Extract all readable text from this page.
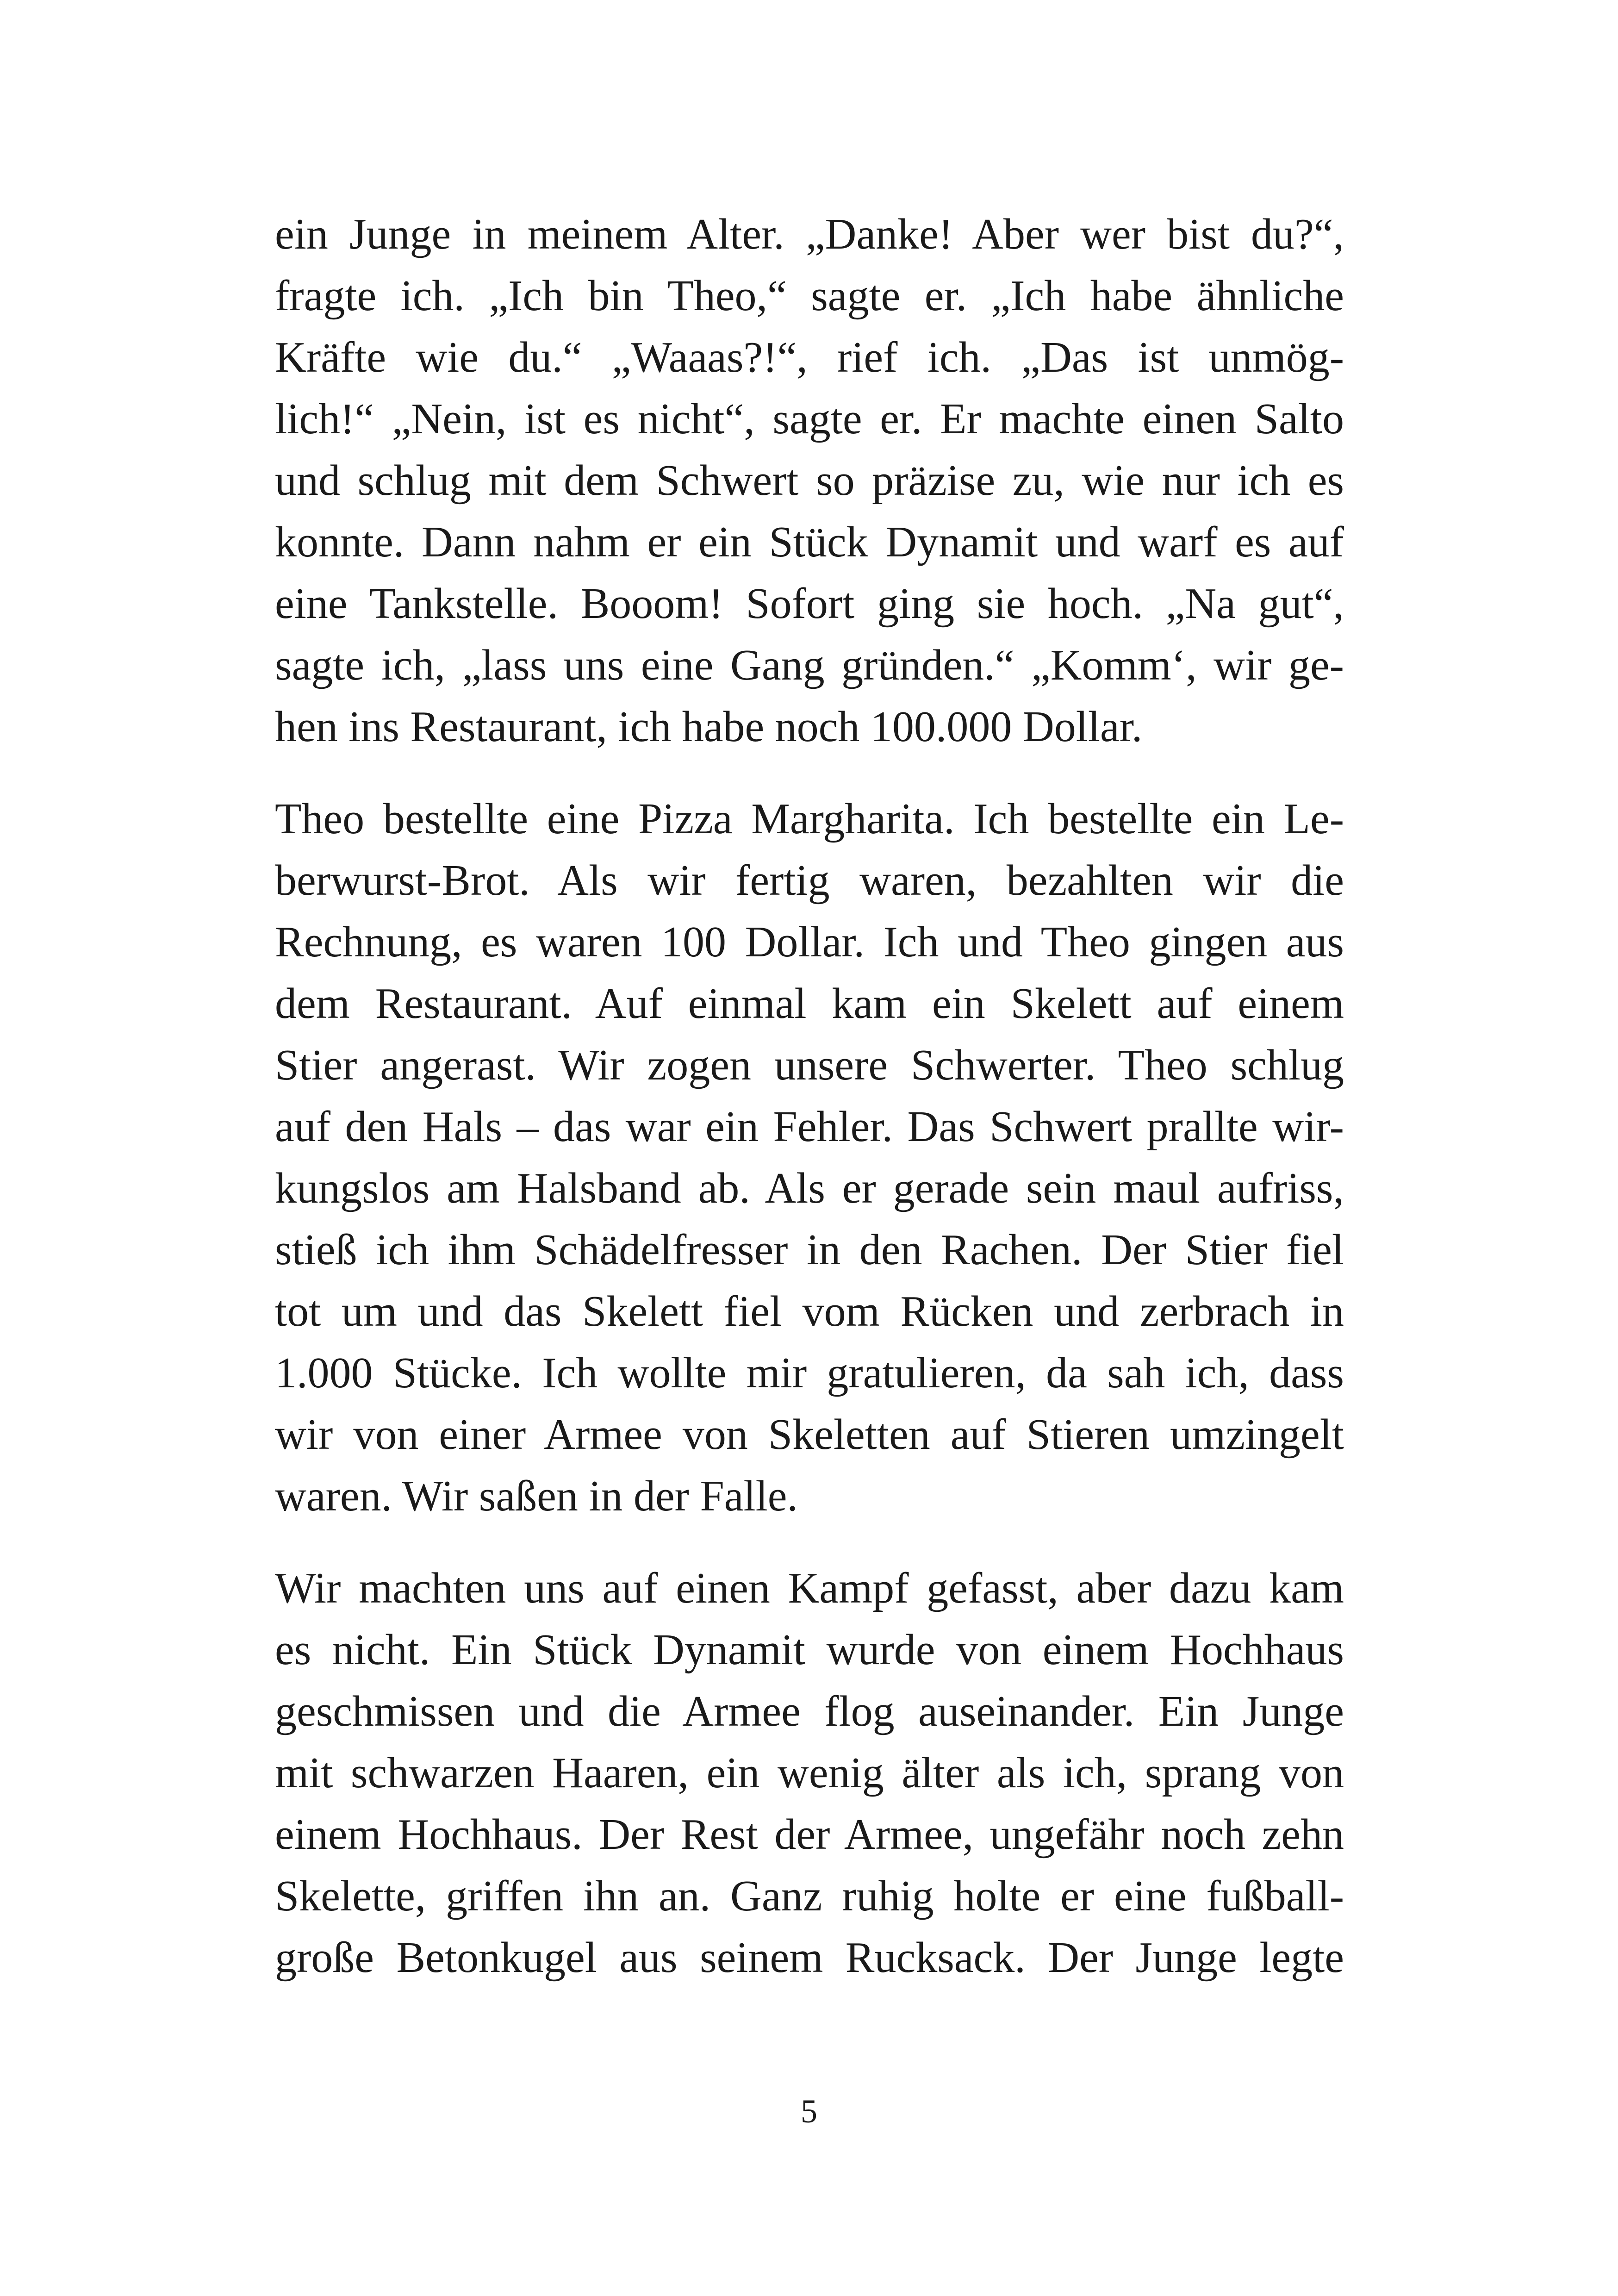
ein Junge in meinem Alter. „Danke! Aber wer bist du?“,
fragte ich. „Ich bin Theo,“ sagte er. „Ich habe ähnliche
Kräfte wie du.“ „Waaas?!“, rief ich. „Das ist unmög-
lich!“ „Nein, ist es nicht“, sagte er. Er machte einen Salto
und schlug mit dem Schwert so präzise zu, wie nur ich es
konnte. Dann nahm er ein Stück Dynamit und warf es auf
eine Tankstelle. Booom! Sofort ging sie hoch. „Na gut“,
sagte ich, „lass uns eine Gang gründen.“ „Komm‘, wir ge-
hen ins Restaurant, ich habe noch 100.000 Dollar.
Theo bestellte eine Pizza Margharita. Ich bestellte ein Le-
berwurst-Brot. Als wir fertig waren, bezahlten wir die
Rechnung, es waren 100 Dollar. Ich und Theo gingen aus
dem Restaurant. Auf einmal kam ein Skelett auf einem
Stier angerast. Wir zogen unsere Schwerter. Theo schlug
auf den Hals – das war ein Fehler. Das Schwert prallte wir-
kungslos am Halsband ab. Als er gerade sein maul aufriss,
stieß ich ihm Schädelfresser in den Rachen. Der Stier fiel
tot um und das Skelett fiel vom Rücken und zerbrach in
1.000 Stücke. Ich wollte mir gratulieren, da sah ich, dass
wir von einer Armee von Skeletten auf Stieren umzingelt
waren. Wir saßen in der Falle.
Wir machten uns auf einen Kampf gefasst, aber dazu kam
es nicht. Ein Stück Dynamit wurde von einem Hochhaus
geschmissen und die Armee flog auseinander. Ein Junge
mit schwarzen Haaren, ein wenig älter als ich, sprang von
einem Hochhaus. Der Rest der Armee, ungefähr noch zehn
Skelette, griffen ihn an. Ganz ruhig holte er eine fußball-
große Betonkugel aus seinem Rucksack. Der Junge legte
5
